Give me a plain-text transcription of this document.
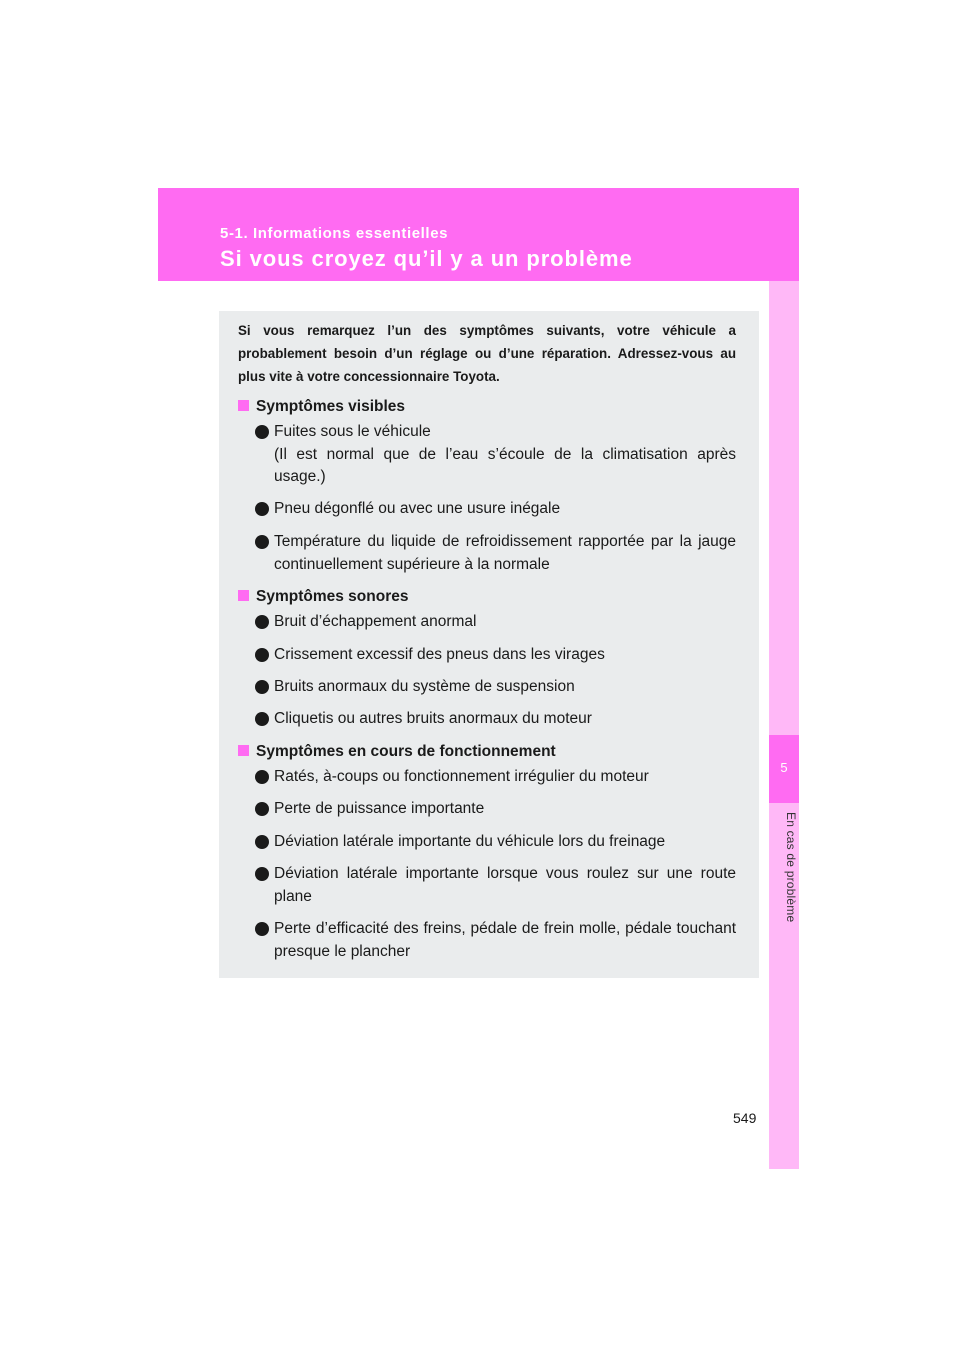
5-1. Informations essentielles
Si vous croyez qu’il y a un problème
5
En cas de problème

Si vous remarquez l’un des symptômes suivants, votre véhicule a probablement besoin d’un réglage ou d’une réparation. Adressez-vous au plus vite à votre concessionnaire Toyota.

Symptômes visibles
Fuites sous le véhicule
(Il est normal que de l’eau s’écoule de la climatisation après usage.)
Pneu dégonflé ou avec une usure inégale
Température du liquide de refroidissement rapportée par la jauge continuellement supérieure à la normale
Symptômes sonores
Bruit d’échappement anormal
Crissement excessif des pneus dans les virages
Bruits anormaux du système de suspension
Cliquetis ou autres bruits anormaux du moteur
Symptômes en cours de fonctionnement
Ratés, à-coups ou fonctionnement irrégulier du moteur
Perte de puissance importante
Déviation latérale importante du véhicule lors du freinage
Déviation latérale importante lorsque vous roulez sur une route plane
Perte d’efficacité des freins, pédale de frein molle, pédale touchant presque le plancher
549
